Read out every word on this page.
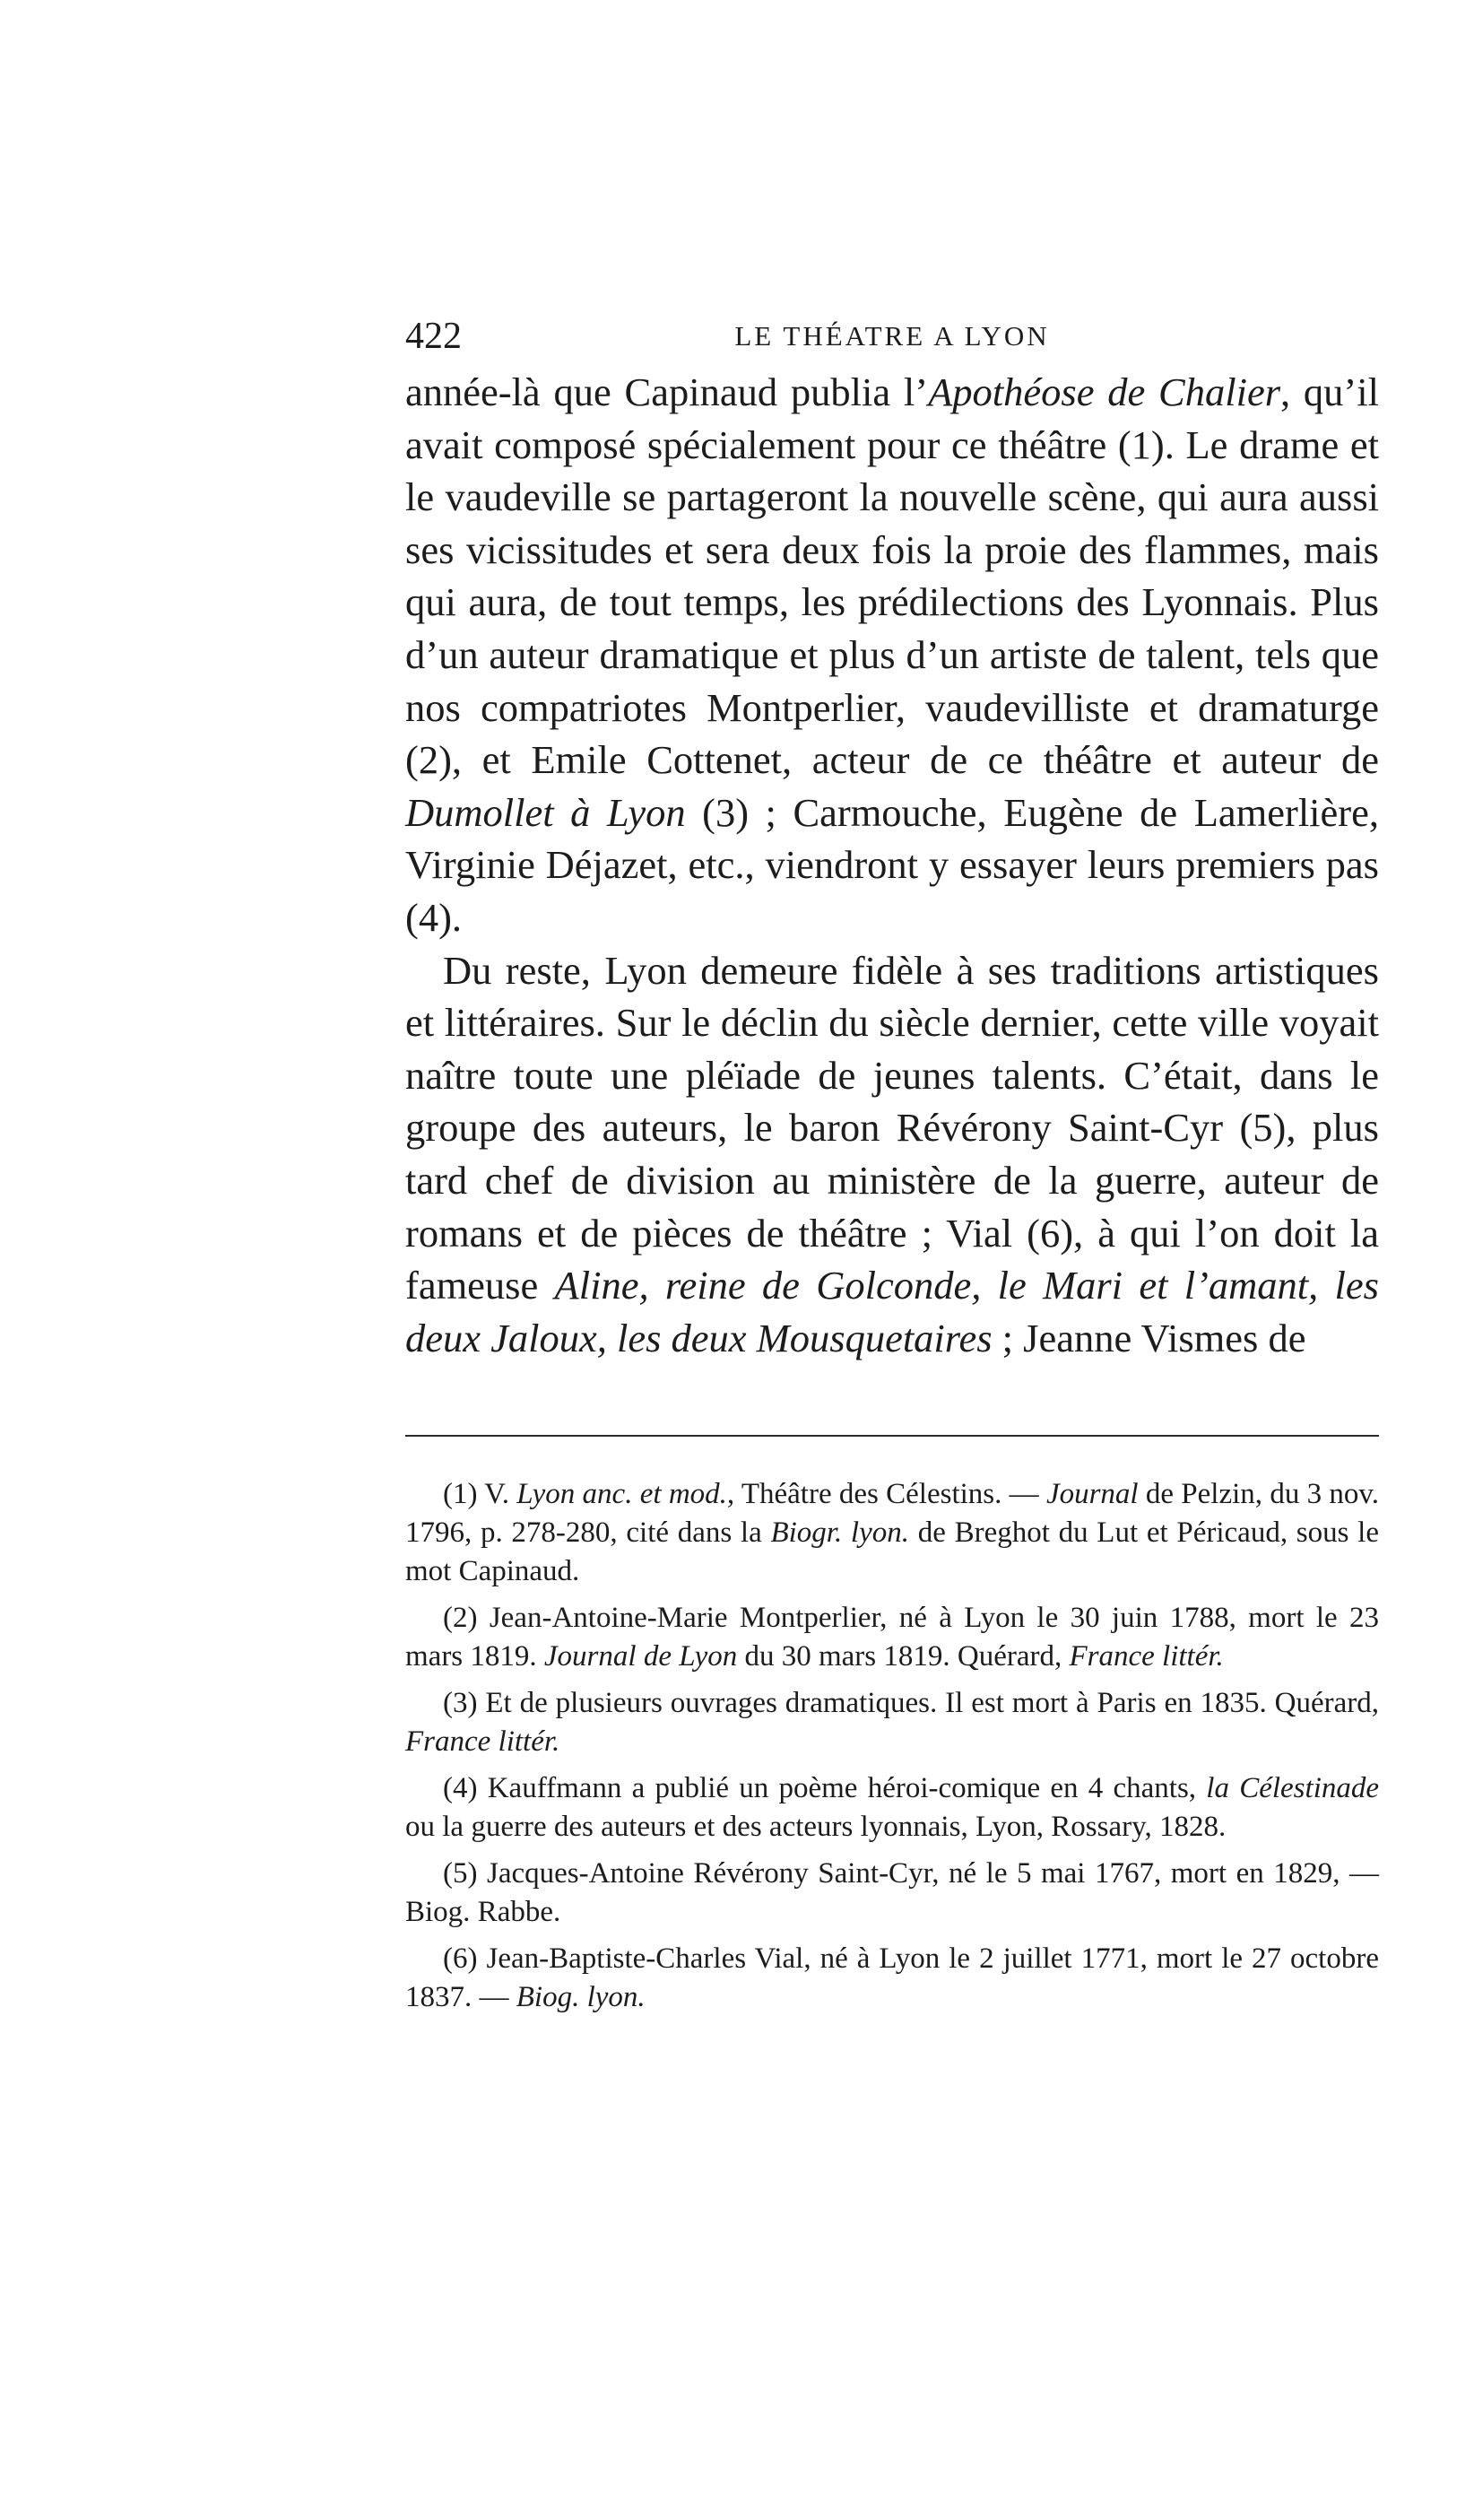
422	LE THÉATRE A LYON

année-là que Capinaud publia l’Apothéose de Chalier, qu’il avait composé spécialement pour ce théâtre (1). Le drame et le vaudeville se partageront la nouvelle scène, qui aura aussi ses vicissitudes et sera deux fois la proie des flammes, mais qui aura, de tout temps, les prédilections des Lyonnais. Plus d’un auteur dramatique et plus d’un artiste de talent, tels que nos compatriotes Montperlier, vaudevilliste et dramaturge (2), et Emile Cottenet, acteur de ce théâtre et auteur de Dumollet à Lyon (3) ; Carmouche, Eugène de Lamerlière, Virginie Déjazet, etc., viendront y essayer leurs premiers pas (4).

Du reste, Lyon demeure fidèle à ses traditions artistiques et littéraires. Sur le déclin du siècle dernier, cette ville voyait naître toute une pléïade de jeunes talents. C’était, dans le groupe des auteurs, le baron Révérony Saint-Cyr (5), plus tard chef de division au ministère de la guerre, auteur de romans et de pièces de théâtre ; Vial (6), à qui l’on doit la fameuse Aline, reine de Golconde, le Mari et l’amant, les deux Jaloux, les deux Mousquetaires ; Jeanne Vismes de

(1) V. Lyon anc. et mod., Théâtre des Célestins. — Journal de Pelzin, du 3 nov. 1796, p. 278-280, cité dans la Biogr. lyon. de Breghot du Lut et Péricaud, sous le mot Capinaud.

(2) Jean-Antoine-Marie Montperlier, né à Lyon le 30 juin 1788, mort le 23 mars 1819. Journal de Lyon du 30 mars 1819. Quérard, France littér.

(3) Et de plusieurs ouvrages dramatiques. Il est mort à Paris en 1835. Quérard, France littér.

(4) Kauffmann a publié un poème héroi-comique en 4 chants, la Célestinade ou la guerre des auteurs et des acteurs lyonnais, Lyon, Rossary, 1828.

(5) Jacques-Antoine Révérony Saint-Cyr, né le 5 mai 1767, mort en 1829, — Biog. Rabbe.

(6) Jean-Baptiste-Charles Vial, né à Lyon le 2 juillet 1771, mort le 27 octobre 1837. — Biog. lyon.
